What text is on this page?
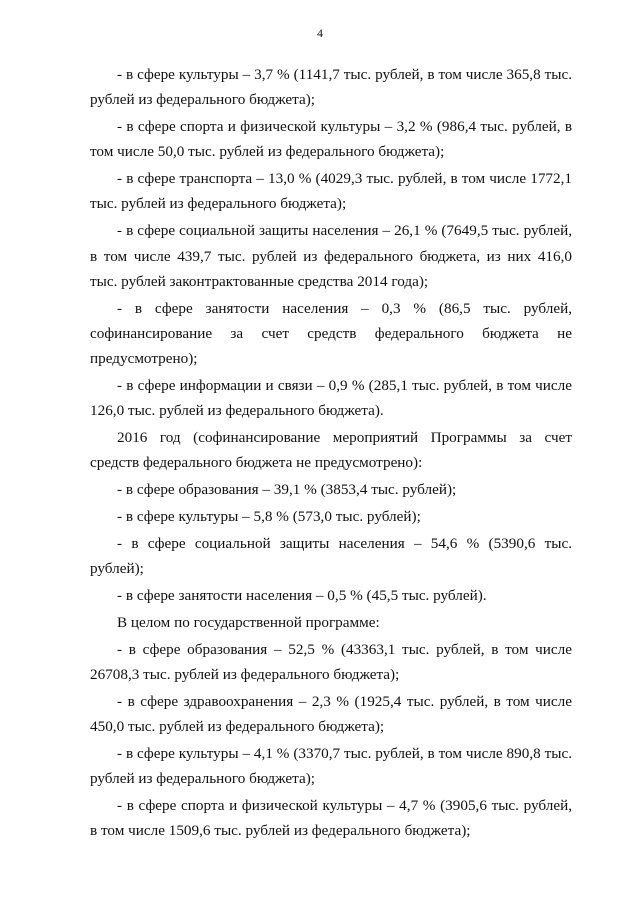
4

- в сфере культуры – 3,7 % (1141,7 тыс. рублей, в том числе 365,8 тыс. рублей из федерального бюджета);

- в сфере спорта и физической культуры – 3,2 % (986,4 тыс. рублей, в том числе 50,0 тыс. рублей из федерального бюджета);

- в сфере транспорта – 13,0 % (4029,3 тыс. рублей, в том числе 1772,1 тыс. рублей из федерального бюджета);

- в сфере социальной защиты населения – 26,1 % (7649,5 тыс. рублей, в том числе 439,7 тыс. рублей из федерального бюджета, из них 416,0 тыс. рублей законтрактованные средства 2014 года);

- в сфере занятости населения – 0,3 % (86,5 тыс. рублей, софинансирование за счет средств федерального бюджета не предусмотрено);

- в сфере информации и связи – 0,9 % (285,1 тыс. рублей, в том числе 126,0 тыс. рублей из федерального бюджета).

2016 год (софинансирование мероприятий Программы за счет средств федерального бюджета не предусмотрено):

- в сфере образования – 39,1 % (3853,4 тыс. рублей);

- в сфере культуры – 5,8 % (573,0 тыс. рублей);

- в сфере социальной защиты населения – 54,6 % (5390,6 тыс. рублей);

- в сфере занятости населения – 0,5 % (45,5 тыс. рублей).

В целом по государственной программе:

- в сфере образования – 52,5 % (43363,1 тыс. рублей, в том числе 26708,3 тыс. рублей из федерального бюджета);

- в сфере здравоохранения – 2,3 % (1925,4 тыс. рублей, в том числе 450,0 тыс. рублей из федерального бюджета);

- в сфере культуры – 4,1 % (3370,7 тыс. рублей, в том числе 890,8 тыс. рублей из федерального бюджета);

- в сфере спорта и физической культуры – 4,7 % (3905,6 тыс. рублей, в том числе 1509,6 тыс. рублей из федерального бюджета);
